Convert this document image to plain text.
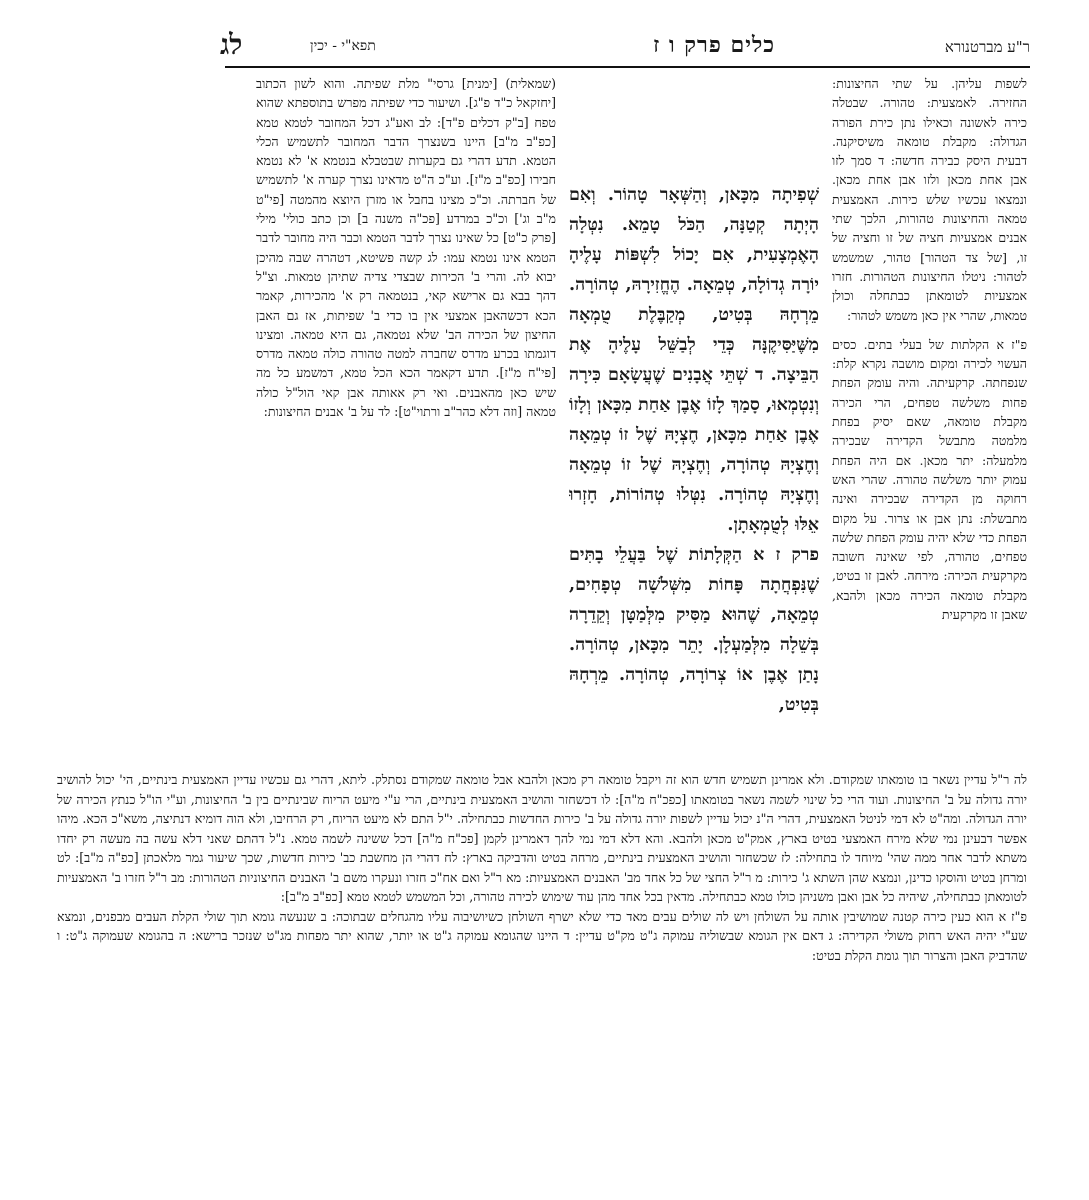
ר"ע מברטנורא
כלים פרק ו ז
תפא"י - יכין
לג

לשפות עליהן. על שתי החיצונות: החזירה. לאמצעית: טהורה. שבטלה כירה לאשונה וכאילו נתן כירת הפורה הגדולה: מקבלת טומאה משיסיקנה. דבעית היסק כבירה חדשה: ד סמך לזו אבן אחת מכאן ולזו אבן אחת מכאן. ונמצאו עכשיו שלש כירות. האמצעית טמאה והחיצונות טהורות, הלכך שתי אבנים אמצעיות חציה של זו וחציה של זו, [של צד הטהור] טהור, שמשמש לטהור: ניטלו החיצונות הטהורות. חזרו אמצעיות לטומאתן כבתחלה וכולן טמאות, שהרי אין כאן משמש לטהור:

פ"ז א הקלתות של בעלי בתים. כסים העשוי לכירה ומקום מושבה נקרא קלת: שנפחתה. קרקעיתה. והיה עומק הפחת פחות משלשה טפחים, הרי הכירה מקבלת טומאה, שאם יסיק בפחת מלמטה מתבשל הקדירה שבכירה מלמעלה: יתר מכאן. אם היה הפחת עמוק יותר משלשה טהורה. שהרי האש רחוקה מן הקדירה שבכירה ואינה מתבשלת: נתן אבן או צרור. על מקום הפחת כדי שלא יהיה עומק הפחת שלשה טפחים, טהורה, לפי שאינה חשובה מקרקעית הכירה: מירחה. לאבן זו בטיט, מקבלת טומאה הכירה מכאן ולהבא, שאבן זו מקרקעית

שְׁפִיתָה מִכָּאן, וְהַשְּׁאָר טָהוֹר. וְאִם הָיְתָה קְטַנָּה, הַכֹּל טָמֵא. נִטְּלָה הָאֶמְצָעִית, אִם יָכוֹל לִשְׁפּוֹת עָלֶיהָ יוֹרָה גְדוֹלָה, טְמֵאָה. הֶחֱזִירָהּ, טְהוֹרָה. מֵרְחָהּ בְּטִיט, מְקַבֶּלֶת טֻמְאָה מִשֶּׁיַּסִּיקֶנָּה כְּדֵי לְבַשֵּׁל עָלֶיהָ אֶת הַבֵּיצָה. ד שְׁתֵּי אֲבָנִים שֶׁעֲשָׂאָם כִּירָה וְנִטְמְאוּ, סָמַךְ לָזוֹ אֶבֶן אַחַת מִכָּאן וְלָזוֹ אֶבֶן אַחַת מִכָּאן, חֶצְיָהּ שֶׁל זוֹ טְמֵאָה וְחֶצְיָהּ טְהוֹרָה, וְחֶצְיָהּ שֶׁל זוֹ טְמֵאָה וְחֶצְיָהּ טְהוֹרָה. נִטְּלוּ טְהוֹרוֹת, חָזְרוּ אֵלּוּ לְטֻמְאָתָן.

פרק ז א הַקְּלָתוֹת שֶׁל בַּעֲלֵי בָתִּים שֶׁנִּפְחֲתָה פָּחוֹת מִשְּׁלֹשָׁה טְפָחִים, טְמֵאָה, שֶׁהוּא מַסִּיק מִלְּמַטָּן וְקֵדֵרָה בְּשֵׁלָה מִלְּמַעְלָן. יָתֵר מִכָּאן, טְהוֹרָה. נָתַן אֶבֶן אוֹ צְרוֹרָה, טְהוֹרָה. מֵרְחָהּ בְּטִיט,

(שמאלית) [ימנית] גרסי" מלת שפיתה. והוא לשון הכתוב [יחזקאל כ"ד פ"ג]. ושיעור כדי שפיתה מפרש בתוספתא שהוא טפח [ב"ק דכלים פ"ד]: לב ואע"ג דכל המחובר לטמא טמא [כפ"ב מ"ב] היינו בשנצרך הדבר המחובר לתשמיש הכלי הטמא. תדע דהרי גם בקערות שבטבלא בנטמא א' לא נטמא חבירו [כפ"ב מ"ז]. וע"כ ה"ט מדאינו נצרך קערה א' לתשמיש של חברתה. וכ"כ מצינו בחבל או מזרן היוצא מהמטה [פי"ט מ"ב וג'] וכ"כ במרדע [פכ"ה משנה ב] וכן כתב כולי' מילי [פרק כ"ט] כל שאינו נצרך לדבר הטמא וכבר היה מחובר לדבר הטמא אינו נטמא עמו: לג קשה פשיטא, דטהרה שבה מהיכן יבוא לה. והרי ב' הכירות שבצדי צדיה שתיהן טמאות. וצ"ל דהך בבא גם ארישא קאי, בנטמאה רק א' מהכירות, קאמר הכא דכשהאבן אמצעי אין בו כדי ב' שפיתות, אז גם האבן החיצון של הכירה הב' שלא נטמאה, גם היא טמאה. ומצינו דוגמתו בכרע מדרס שחברה למטה טהורה כולה טמאה מדרס [פי"ח מ"ז]. תדע דקאמר הכא הכל טמא, דמשמע כל מה שיש כאן מהאבנים. ואי רק אאותה אבן קאי הול"ל כולה טמאה [וזה דלא כהר"ב ורתוי"ט]: לד על ב' אבנים החיצונות:

לה ר"ל עדיין נשאר בו טומאתו שמקודם. ולא אמרינן תשמיש חדש הוא זה ויקבל טומאה רק מכאן ולהבא אבל טומאה שמקודם נסתלק. ליתא, דהרי גם עכשיו עדיין האמצעית בינתיים, הי' יכול להושיב יורה גדולה על ב' החיצונות. ועוד הרי כל שינוי לשמה נשאר בטומאתו [כפכ"ח מ"ה]: לו דכשחזר והושיב האמצעית בינתיים, הרי ע"י מיעט הריוח שבינתיים בין ב' החיצונות, וע"י הו"ל כנתץ הכירה של יורה הגדולה. ומה"ט לא דמי לניטל האמצעית, דהרי ה"נ יכול עדיין לשפות יורה גדולה על ב' כירות החדשות כבתחילה. י"ל התם לא מיעט הריוח, רק הרחיבו, ולא הוה דומיא דנתיצה, משא"כ הכא. מיהו אפשר דבעינן נמי שלא מירח האמצעי בטיט בארץ, אמק"ט מכאן ולהבא. והא דלא דמי נמי להך דאמרינן לקמן [פכ"ח מ"ה] דכל ששינה לשמה טמא. נ"ל דהתם שאני דלא עשה בה מעשה רק יחדו משתא לדבר אחר ממה שהי' מיוחד לו בתחילה: לז שכשחזר והושיב האמצעית בינתיים, מרחה בטיט והדביקה בארץ: לח דהרי הן מחשבת כב' כירות חדשות, שכך שיעור גמר מלאכתן [כפ"ה מ"ב]: לט ומרחן בטיט והוסקו כדינן, ונמצא שהן השתא ג' כירות: מ ר"ל החצי של כל אחד מב' האבנים האמצעיות: מא ר"ל ואם אח"כ חזרו ונעקרו משם ב' האבנים החיצוניות הטהורות: מב ר"ל חזרו ב' האמצעיות לטומאתן כבתחילה, שיהיה כל אבן ואבן משניהן כולו טמא כבתחילה. מדאין בכל אחד מהן עוד שימוש לכירה טהורה, וכל המשמש לטמא טמא [כפ"ב מ"ב]:

פ"ז א הוא כעין כירה קטנה שמושיבין אותה על השולחן ויש לה שולים עבים מאד כדי שלא ישרף השולחן כשיושיבוה עליו מהגחלים שבתוכה: ב שנעשה גומא תוך שולי הקלת העבים מבפנים, ונמצא שע"י יהיה האש רחוק משולי הקדירה: ג דאם אין הגומא שבשוליה עמוקה ג"ט מק"ט עדיין: ד היינו שהגומא עמוקה ג"ט או יותר, שהוא יתר מפחות מג"ט שנזכר ברישא: ה בהגומא שעמוקה ג"ט: ו שהדביק האבן והצרור תוך גומת הקלת בטיט:
